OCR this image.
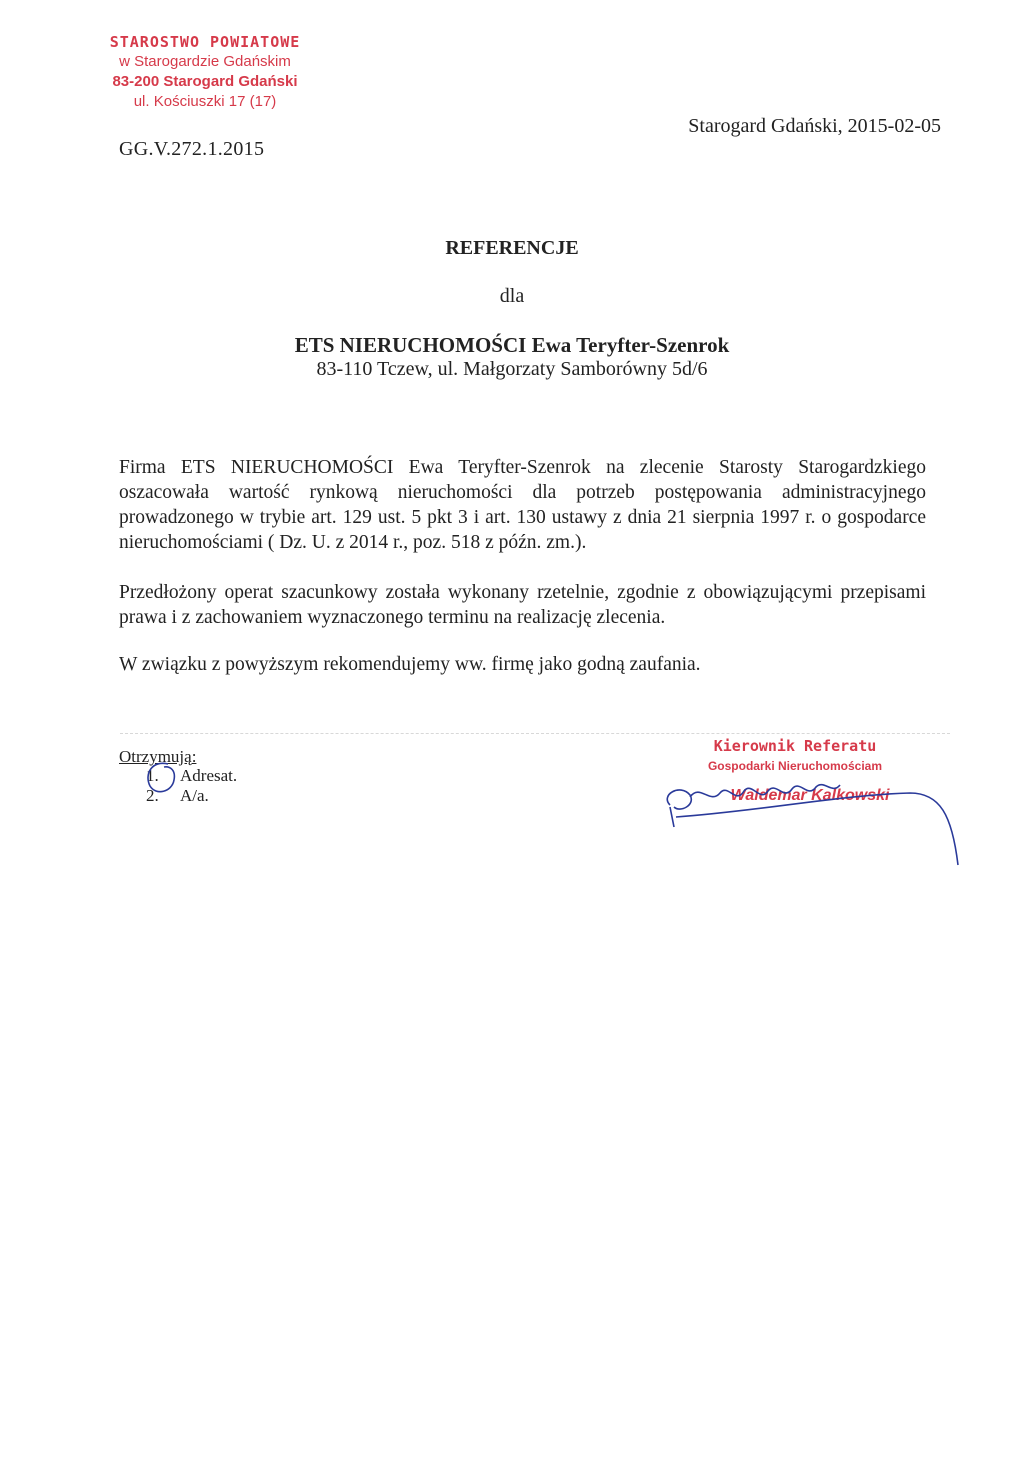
STAROSTWO POWIATOWE
w Starogardzie Gdańskim
83-200 Starogard Gdański
ul. Kościuszki 17 (17)
GG.V.272.1.2015
Starogard Gdański, 2015-02-05
REFERENCJE
dla
ETS NIERUCHOMOŚCI Ewa Teryfter-Szenrok
83-110 Tczew, ul. Małgorzaty Samborówny 5d/6
Firma ETS NIERUCHOMOŚCI Ewa Teryfter-Szenrok na zlecenie Starosty Starogardzkiego oszacowała wartość rynkową nieruchomości dla potrzeb postępowania administracyjnego prowadzonego w trybie art. 129 ust. 5 pkt 3 i art. 130 ustawy z dnia 21 sierpnia 1997 r. o gospodarce nieruchomościami ( Dz. U. z 2014 r., poz. 518 z późn. zm.).
Przedłożony operat szacunkowy została wykonany rzetelnie, zgodnie z obowiązującymi przepisami prawa i z zachowaniem wyznaczonego terminu na realizację zlecenia.
W związku z powyższym rekomendujemy ww. firmę jako godną zaufania.
Otrzymują:
1. Adresat.
2. A/a.
Kierownik Referatu
Gospodarki Nieruchomościam
Waldemar Kalkowski
